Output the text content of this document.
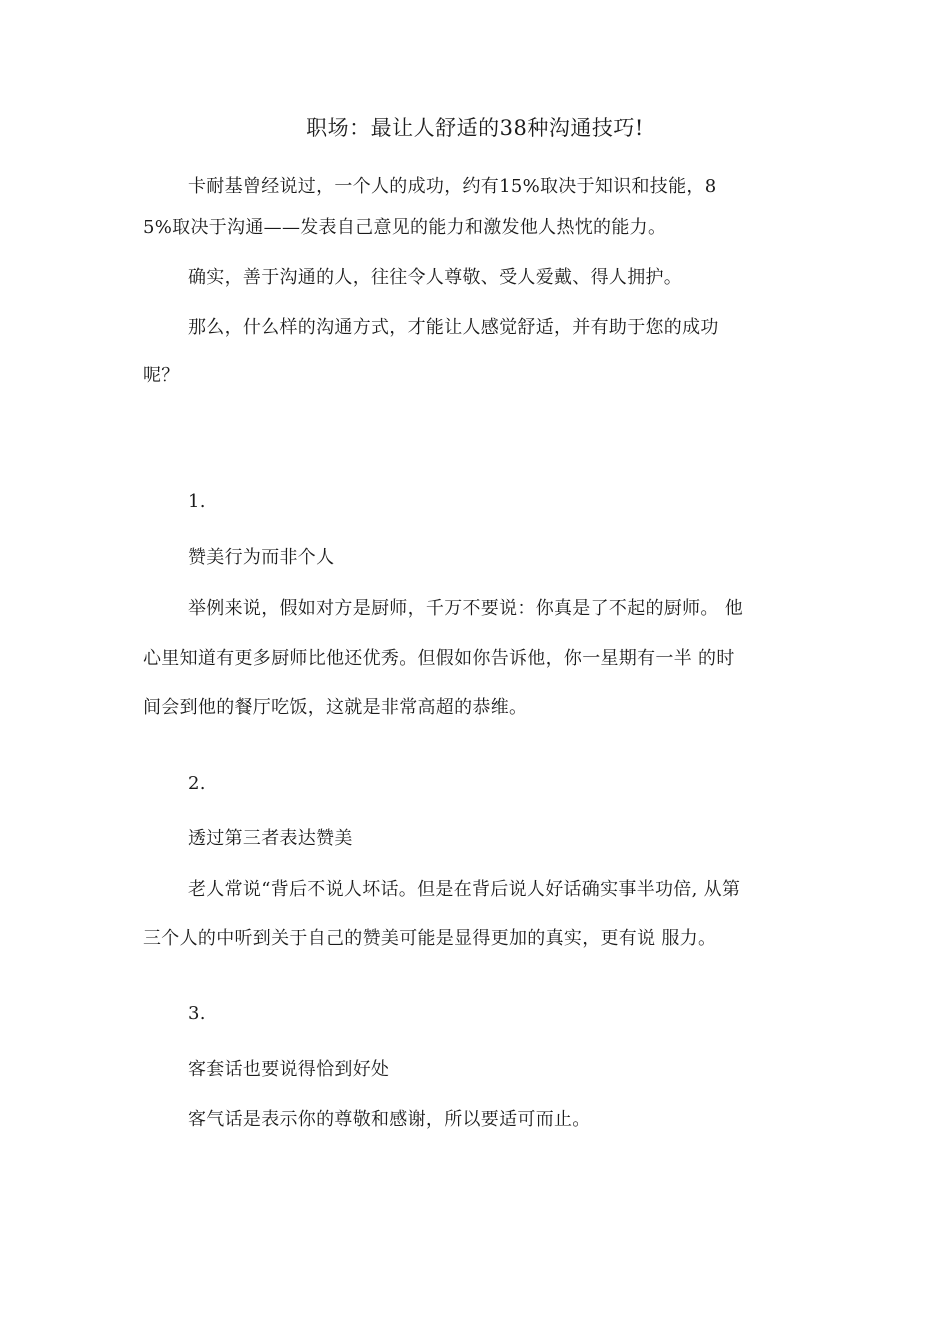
职场：最让人舒适的38种沟通技巧!
卡耐基曾经说过，一个人的成功，约有15%取决于知识和技能，8
5%取决于沟通——发表自己意见的能力和激发他人热忱的能力。
确实，善于沟通的人，往往令人尊敬、受人爱戴、得人拥护。
那么，什么样的沟通方式，才能让人感觉舒适，并有助于您的成功
呢？
1.
赞美行为而非个人
举例来说，假如对方是厨师，千万不要说：你真是了不起的厨师。 他
心里知道有更多厨师比他还优秀。但假如你告诉他，你一星期有一半 的时
间会到他的餐厅吃饭，这就是非常高超的恭维。
2.
透过第三者表达赞美
老人常说“背后不说人坏话。但是在背后说人好话确实事半功倍, 从第
三个人的中听到关于自己的赞美可能是显得更加的真实，更有说 服力。
3.
客套话也要说得恰到好处
客气话是表示你的尊敬和感谢，所以要适可而止。
